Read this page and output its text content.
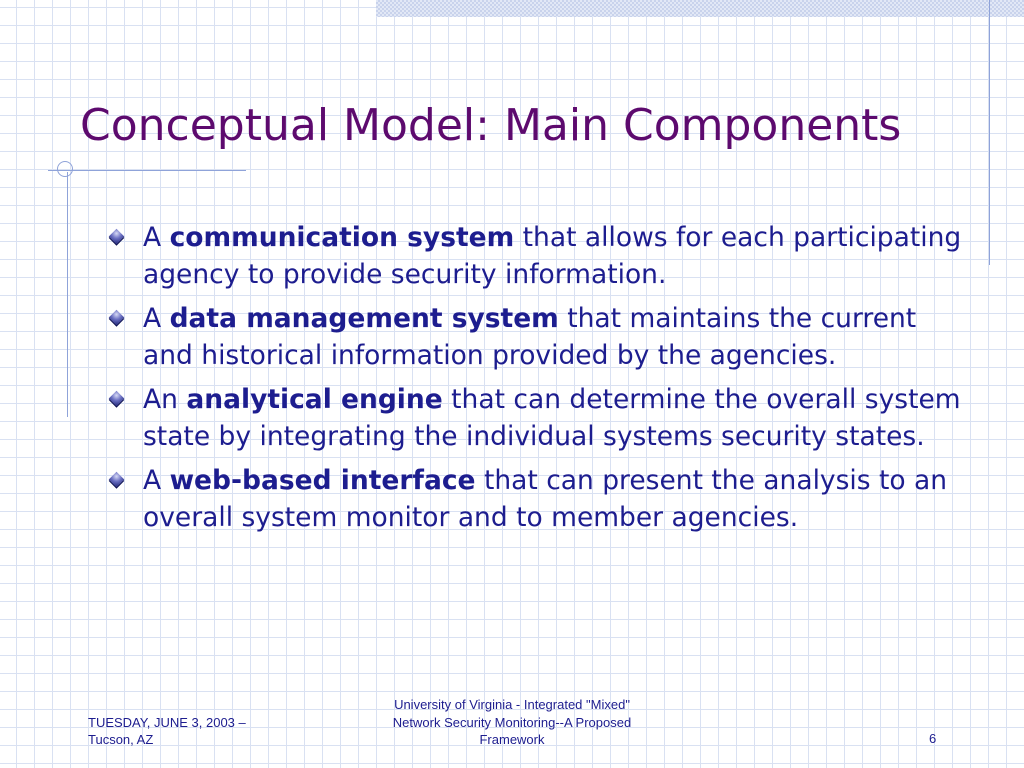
Conceptual Model: Main Components
A communication system that allows for each participating agency to provide security information.
A data management system that maintains the current and historical information provided by the agencies.
An analytical engine that can determine the overall system state by integrating the individual systems security states.
A web-based interface that can present the analysis to an overall system monitor and to member agencies.
TUESDAY, JUNE 3, 2003 –
Tucson, AZ
University of Virginia - Integrated "Mixed"
Network Security Monitoring--A Proposed
Framework	6
